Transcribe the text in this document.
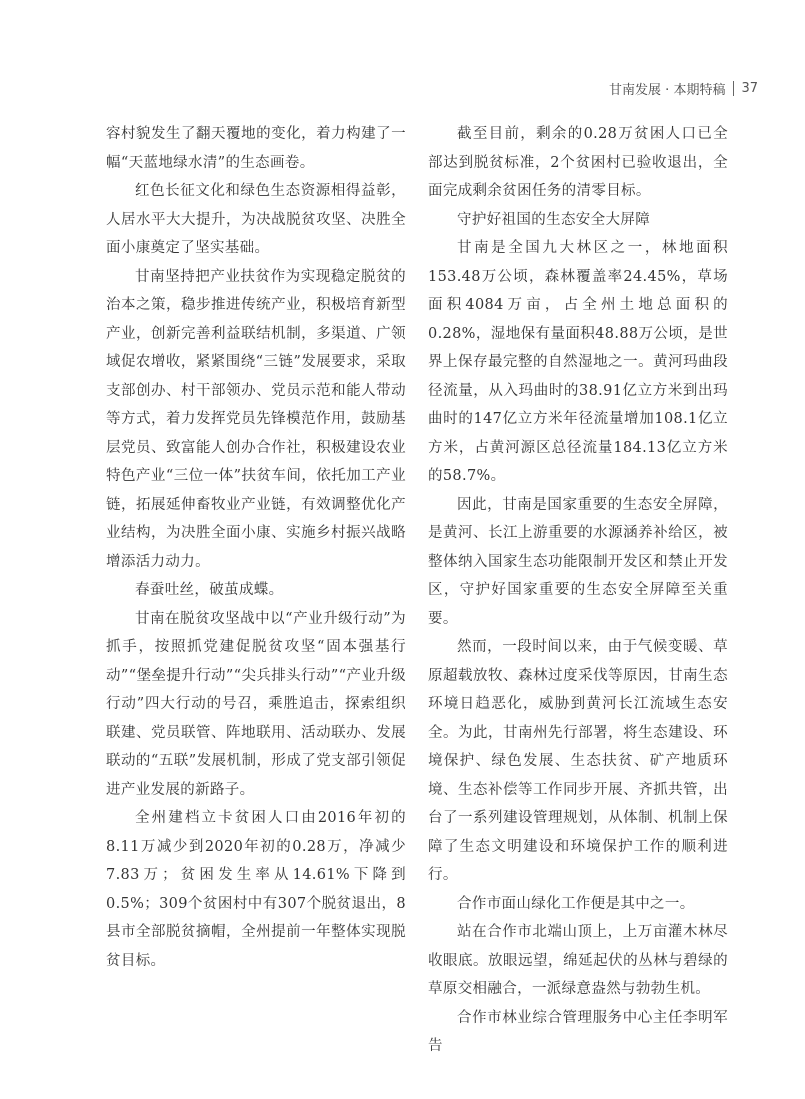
甘南发展 · 本期特稿 37

容村貌发生了翻天覆地的变化，着力构建了一幅“天蓝地绿水清”的生态画卷。

红色长征文化和绿色生态资源相得益彰，人居水平大大提升，为决战脱贫攻坚、决胜全面小康奠定了坚实基础。

甘南坚持把产业扶贫作为实现稳定脱贫的治本之策，稳步推进传统产业，积极培育新型产业，创新完善利益联结机制，多渠道、广领域促农增收，紧紧围绕“三链”发展要求，采取支部创办、村干部领办、党员示范和能人带动等方式，着力发挥党员先锋模范作用，鼓励基层党员、致富能人创办合作社，积极建设农业特色产业“三位一体”扶贫车间，依托加工产业链，拓展延伸畜牧业产业链，有效调整优化产业结构，为决胜全面小康、实施乡村振兴战略增添活力动力。

春蚕吐丝，破茧成蝶。

甘南在脱贫攻坚战中以“产业升级行动”为抓手，按照抓党建促脱贫攻坚“固本强基行动”“堡垒提升行动”“尖兵排头行动”“产业升级行动”四大行动的号召，乘胜追击，探索组织联建、党员联管、阵地联用、活动联办、发展联动的“五联”发展机制，形成了党支部引领促进产业发展的新路子。

全州建档立卡贫困人口由2016年初的8.11万减少到2020年初的0.28万，净减少7.83万；贫困发生率从14.61%下降到0.5%；309个贫困村中有307个脱贫退出，8县市全部脱贫摘帽，全州提前一年整体实现脱贫目标。

截至目前，剩余的0.28万贫困人口已全部达到脱贫标准，2个贫困村已验收退出，全面完成剩余贫困任务的清零目标。

守护好祖国的生态安全大屏障

甘南是全国九大林区之一，林地面积153.48万公顷，森林覆盖率24.45%，草场面积4084万亩，占全州土地总面积的0.28%，湿地保有量面积48.88万公顷，是世界上保存最完整的自然湿地之一。黄河玛曲段径流量，从入玛曲时的38.91亿立方米到出玛曲时的147亿立方米年径流量增加108.1亿立方米，占黄河源区总径流量184.13亿立方米的58.7%。

因此，甘南是国家重要的生态安全屏障，是黄河、长江上游重要的水源涵养补给区，被整体纳入国家生态功能限制开发区和禁止开发区，守护好国家重要的生态安全屏障至关重要。

然而，一段时间以来，由于气候变暖、草原超载放牧、森林过度采伐等原因，甘南生态环境日趋恶化，威胁到黄河长江流域生态安全。为此，甘南州先行部署，将生态建设、环境保护、绿色发展、生态扶贫、矿产地质环境、生态补偿等工作同步开展、齐抓共管，出台了一系列建设管理规划，从体制、机制上保障了生态文明建设和环境保护工作的顺利进行。

合作市面山绿化工作便是其中之一。

站在合作市北端山顶上，上万亩灌木林尽收眼底。放眼远望，绵延起伏的丛林与碧绿的草原交相融合，一派绿意盎然与勃勃生机。

合作市林业综合管理服务中心主任李明军告
